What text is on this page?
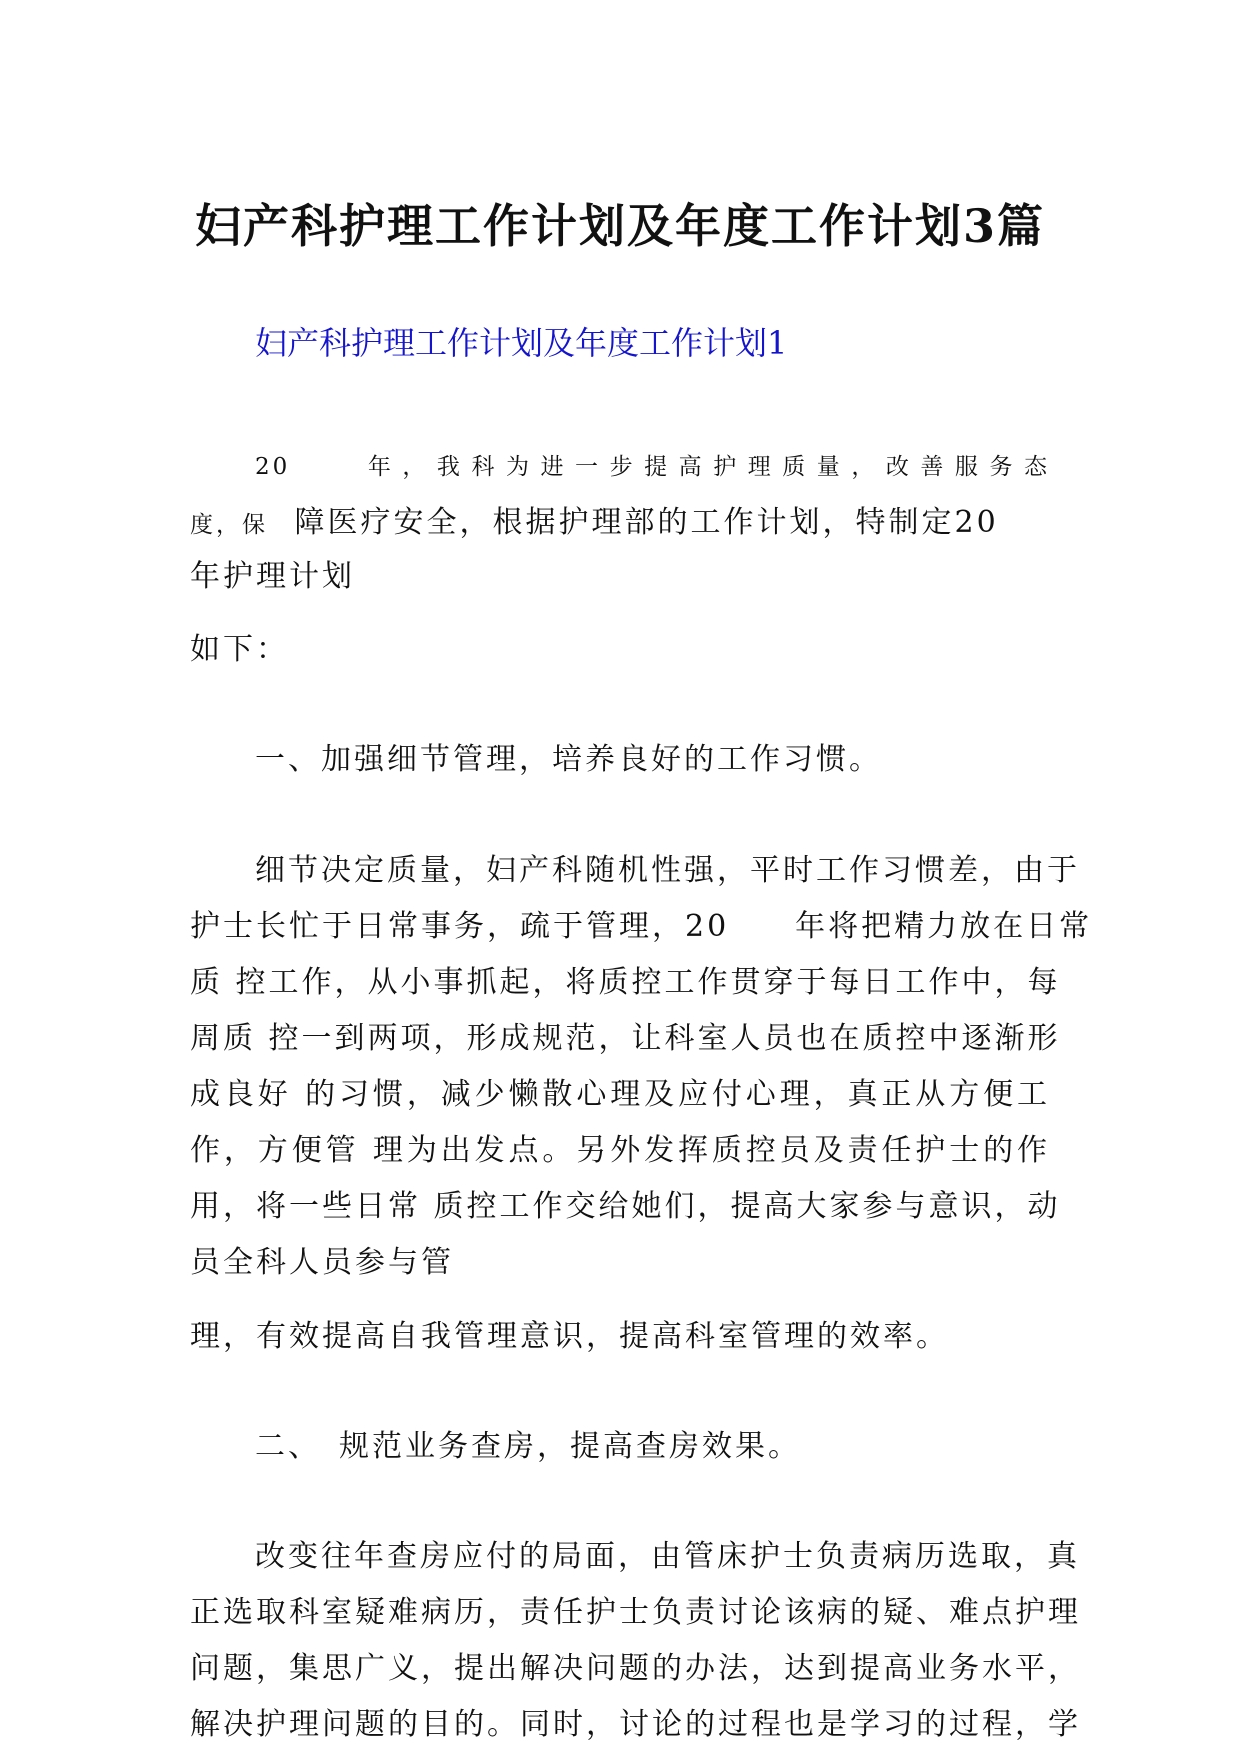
妇产科护理工作计划及年度工作计划3篇
妇产科护理工作计划及年度工作计划1
20　　年，我科为进一步提高护理质量，改善服务态
度，保 障医疗安全，根据护理部的工作计划，特制定20
年护理计划
如下：
一、加强细节管理，培养良好的工作习惯。
细节决定质量，妇产科随机性强，平时工作习惯差，由于
护士长忙于日常事务，疏于管理，20　　年将把精力放在日常
质 控工作，从小事抓起，将质控工作贯穿于每日工作中，每
周质 控一到两项，形成规范，让科室人员也在质控中逐渐形
成良好 的习惯，减少懒散心理及应付心理，真正从方便工
作，方便管 理为出发点。另外发挥质控员及责任护士的作
用，将一些日常 质控工作交给她们，提高大家参与意识，动
员全科人员参与管
理，有效提高自我管理意识，提高科室管理的效率。
二、　规范业务查房，提高查房效果。
改变往年查房应付的局面，由管床护士负责病历选取，真
正选取科室疑难病历，责任护士负责讨论该病的疑、难点护理
问题，集思广义，提出解决问题的办法，达到提高业务水平，
解决护理问题的目的。同时，讨论的过程也是学习的过程，学
